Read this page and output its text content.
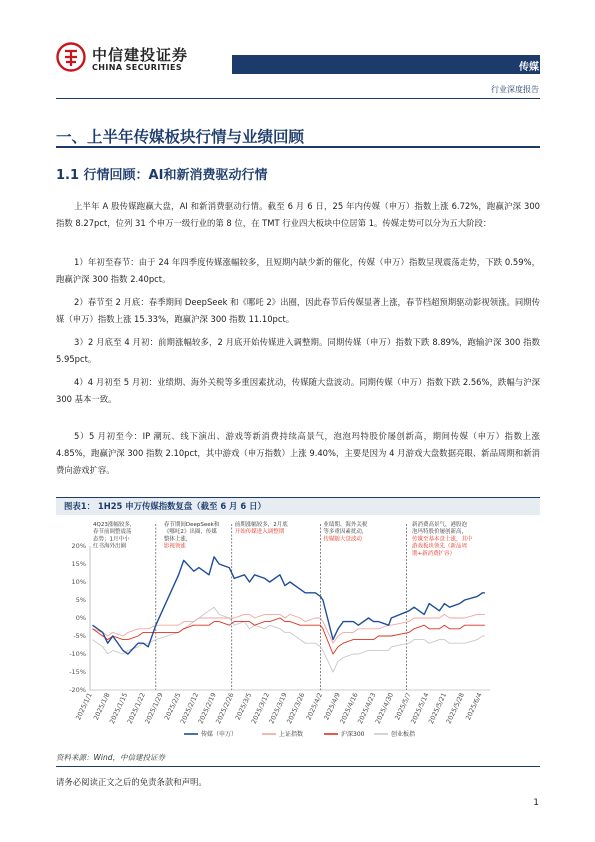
中信建投证券
CHINA SECURITIES	传媒
行业深度报告
一、上半年传媒板块行情与业绩回顾
1.1 行情回顾：AI和新消费驱动行情

上半年 A 股传媒跑赢大盘，AI 和新消费驱动行情。截至 6 月 6 日，25 年内传媒（申万）指数上涨 6.72%，跑赢沪深 300 指数 8.27pct，位列 31 个申万一级行业的第 8 位，在 TMT 行业四大板块中位居第 1。传媒走势可以分为五大阶段：

1）年初至春节：由于 24 年四季度传媒涨幅较多，且短期内缺少新的催化，传媒（申万）指数呈现震荡走势，下跌 0.59%，跑赢沪深 300 指数 2.40pct。

2）春节至 2 月底：春季期间 DeepSeek 和《哪吒 2》出圈，因此春节后传媒显著上涨，春节档超预期驱动影视领涨。同期传媒（申万）指数上涨 15.33%，跑赢沪深 300 指数 11.10pct。

3）2 月底至 4 月初：前期涨幅较多，2 月底开始传媒进入调整期。同期传媒（申万）指数下跌 8.89%，跑输沪深 300 指数 5.95pct。

4）4 月初至 5 月初：业绩期、海外关税等多重因素扰动，传媒随大盘波动。同期传媒（申万）指数下跌 2.56%，跌幅与沪深 300 基本一致。

5）5 月初至今：IP 潮玩、线下演出、游戏等新消费持续高景气，泡泡玛特股价屡创新高，期间传媒（申万）指数上涨 4.85%，跑赢沪深 300 指数 2.10pct，其中游戏（申万指数）上涨 9.40%，主要是因为 4 月游戏大盘数据亮眼、新品周期和新消费向游戏扩容。

图表1： 1H25 申万传媒指数复盘（截至 6 月 6 日）
20%
15%
10%
5%
0%
-5%
-10%
-15%
-20%
2025/1/1
2025/1/8
2025/1/15
2025/1/22
2025/1/29
2025/2/5
2025/2/12
2025/2/19
2025/2/26
2025/3/5
2025/3/12
2025/3/19
2025/3/26
2025/4/2
2025/4/9
2025/4/16
2025/4/23
2025/4/30
2025/5/7
2025/5/14
2025/5/21
2025/5/28
2025/6/4
4Q23涨幅较多，
春节前调整震荡
态势；1月中小
红书海外出圈
春节期间DeepSeek和
《哪吒2》出圈，传媒
整体上涨，
影视领涨
前期涨幅较多，2月底
开始传媒进入调整期
业绩期、海外关税
等多重因素扰动，
传媒随大盘波动
新消费高景气，港股泡
泡玛特股价屡创新高，
传媒至基本盘上涨，其中
游戏板块领先（新品周
期+新消费扩容）
传媒（申万）	上证指数	沪深300	创业板指
资料来源：Wind，中信建投证券
请务必阅读正文之后的免责条款和声明。
1
